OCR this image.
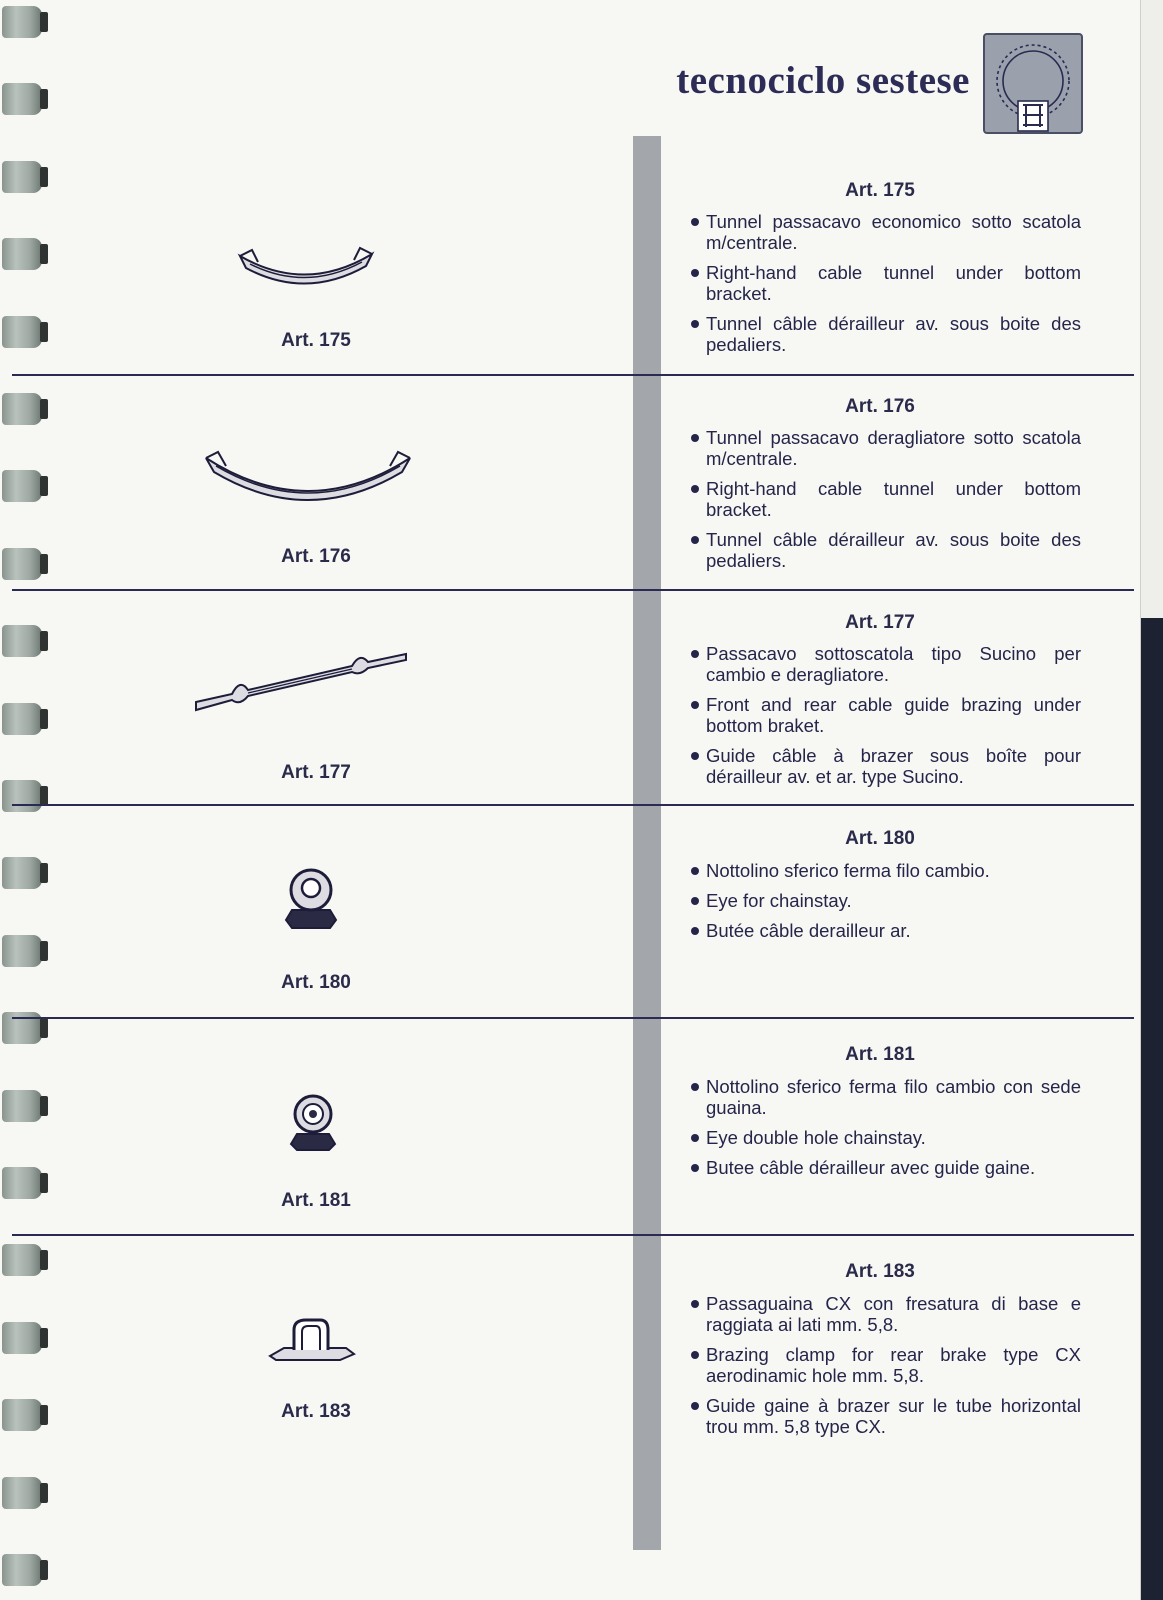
tecnociclo sestese
Art. 175
Art. 175
Tunnel passacavo economico sotto scatola m/centrale.
Right-hand cable tunnel under bottom bracket.
Tunnel câble dérailleur av. sous boite des pedaliers.
Art. 176
Art. 176
Tunnel passacavo deragliatore sotto scatola m/centrale.
Right-hand cable tunnel under bottom bracket.
Tunnel câble dérailleur av. sous boite des pedaliers.
Art. 177
Art. 177
Passacavo sottoscatola tipo Sucino per cambio e deragliatore.
Front and rear cable guide brazing under bottom braket.
Guide câble à brazer sous boîte pour dérailleur av. et ar. type Sucino.
Art. 180
Art. 180
Nottolino sferico ferma filo cambio.
Eye for chainstay.
Butée câble derailleur ar.
Art. 181
Art. 181
Nottolino sferico ferma filo cambio con sede guaina.
Eye double hole chainstay.
Butee câble dérailleur avec guide gaine.
Art. 183
Art. 183
Passaguaina CX con fresatura di base e raggiata ai lati mm. 5,8.
Brazing clamp for rear brake type CX aerodinamic hole mm. 5,8.
Guide gaine à brazer sur le tube horizontal trou mm. 5,8 type CX.
